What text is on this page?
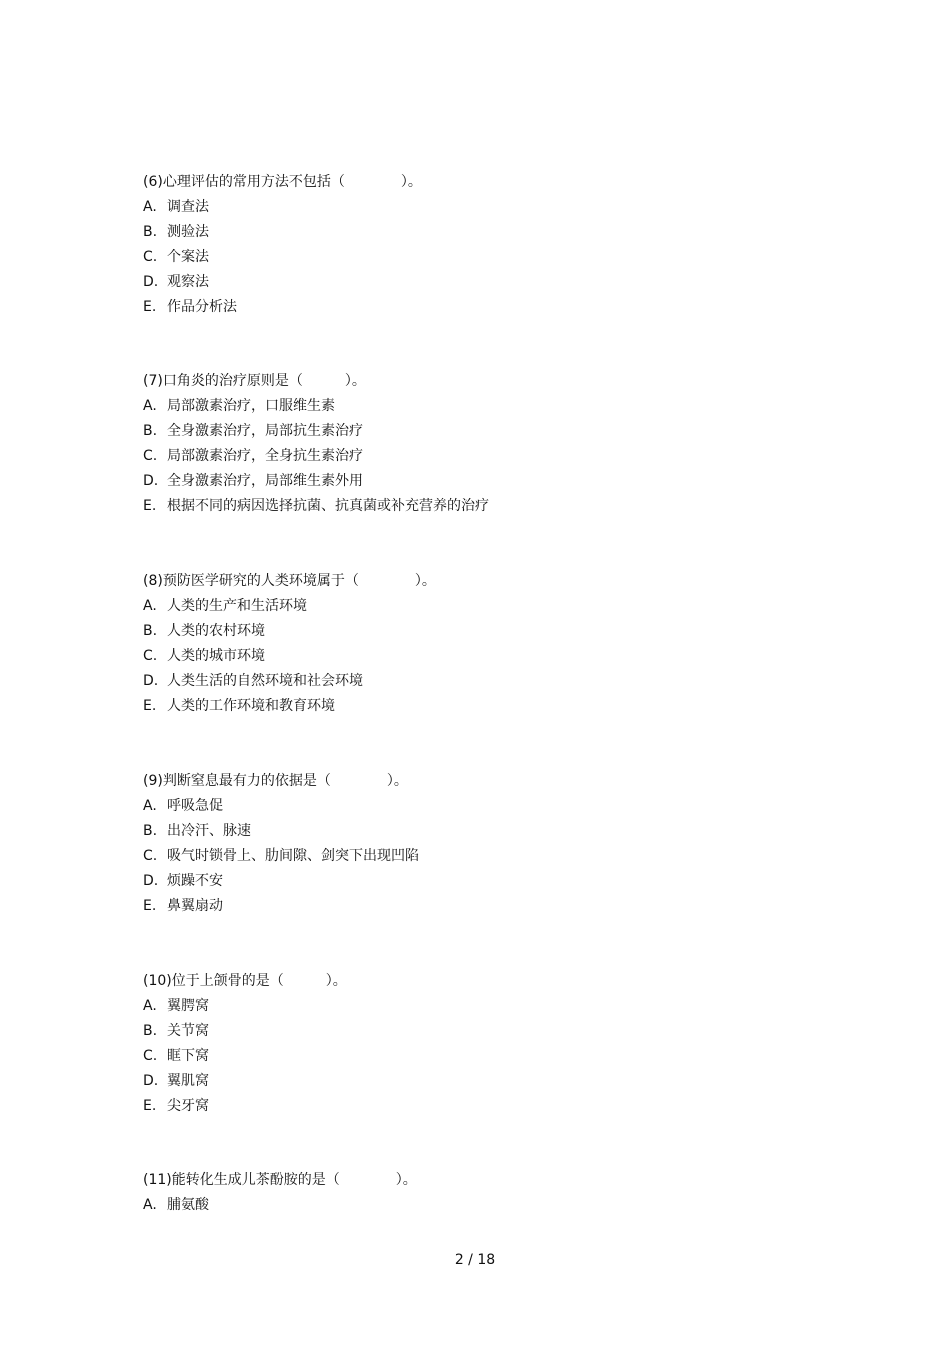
(6)心理评估的常用方法不包括（　　　　）。
A. 调查法
B. 测验法
C. 个案法
D. 观察法
E. 作品分析法
(7)口角炎的治疗原则是（　　　）。
A. 局部激素治疗，口服维生素
B. 全身激素治疗，局部抗生素治疗
C. 局部激素治疗，全身抗生素治疗
D. 全身激素治疗，局部维生素外用
E. 根据不同的病因选择抗菌、抗真菌或补充营养的治疗
(8)预防医学研究的人类环境属于（　　　　）。
A. 人类的生产和生活环境
B. 人类的农村环境
C. 人类的城市环境
D. 人类生活的自然环境和社会环境
E. 人类的工作环境和教育环境
(9)判断窒息最有力的依据是（　　　　）。
A. 呼吸急促
B. 出冷汗、脉速
C. 吸气时锁骨上、肋间隙、剑突下出现凹陷
D. 烦躁不安
E. 鼻翼扇动
(10)位于上颌骨的是（　　　）。
A. 翼腭窝
B. 关节窝
C. 眶下窝
D. 翼肌窝
E. 尖牙窝
(11)能转化生成儿茶酚胺的是（　　　　）。
A. 脯氨酸
2 / 18
